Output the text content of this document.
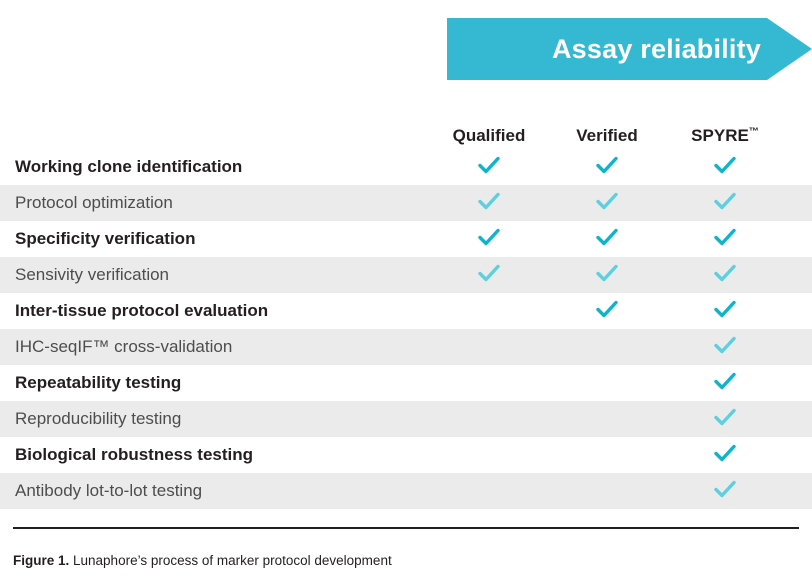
Assay reliability
Qualified	Verified	SPYRE™
Working clone identification
Protocol optimization
Specificity verification
Sensivity verification
Inter-tissue protocol evaluation
IHC-seqIF™ cross-validation
Repeatability testing
Reproducibility testing
Biological robustness testing
Antibody lot-to-lot testing
Figure 1. Lunaphore’s process of marker protocol development
